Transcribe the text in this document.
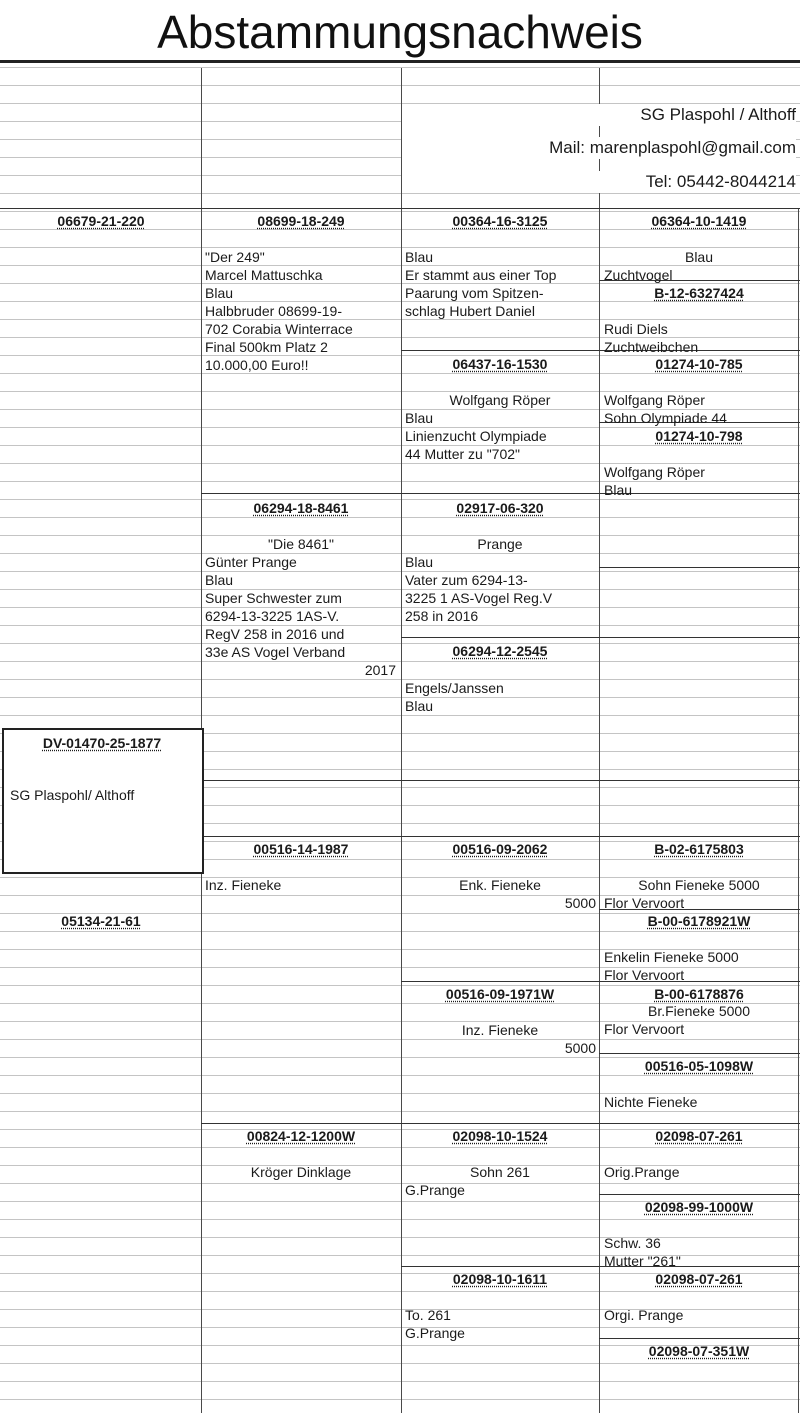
Abstammungsnachweis
SG Plaspohl / Althoff
Mail: marenplaspohl@gmail.com
Tel: 05442-8044214
DV-01470-25-1877
SG Plaspohl/ Althoff
06679-21-220
05134-21-61
08699-18-249
"Der 249"
Marcel Mattuschka
Blau
Halbbruder 08699-19-
702 Corabia Winterrace
Final 500km Platz 2
10.000,00 Euro!!
06294-18-8461
"Die 8461"
Günter Prange
Blau
Super Schwester zum
6294-13-3225 1AS-V.
RegV 258 in 2016 und
33e AS Vogel Verband
2017
00364-16-3125
Blau
Er stammt aus einer Top
Paarung vom Spitzen-
schlag Hubert Daniel
06437-16-1530
Wolfgang Röper
Blau
Linienzucht Olympiade
44 Mutter zu "702"
02917-06-320
Prange
Blau
Vater zum 6294-13-
3225 1 AS-Vogel Reg.V
258 in 2016
06294-12-2545
Engels/Janssen
Blau
06364-10-1419
Blau
Zuchtvogel
B-12-6327424
Rudi Diels
Zuchtweibchen
01274-10-785
Wolfgang Röper
Sohn Olympiade 44
01274-10-798
Wolfgang Röper
Blau
00516-14-1987
Inz. Fieneke
00824-12-1200W
Kröger Dinklage
00516-09-2062
Enk. Fieneke
5000
00516-09-1971W
Inz. Fieneke
5000
02098-10-1524
Sohn 261
G.Prange
02098-10-1611
To. 261
G.Prange
B-02-6175803
Sohn Fieneke 5000
Flor Vervoort
B-00-6178921W
Enkelin Fieneke 5000
Flor Vervoort
B-00-6178876
Br.Fieneke 5000
Flor Vervoort
00516-05-1098W
Nichte Fieneke
02098-07-261
Orig.Prange
02098-99-1000W
Schw. 36
Mutter "261"
02098-07-261
Orgi. Prange
02098-07-351W
